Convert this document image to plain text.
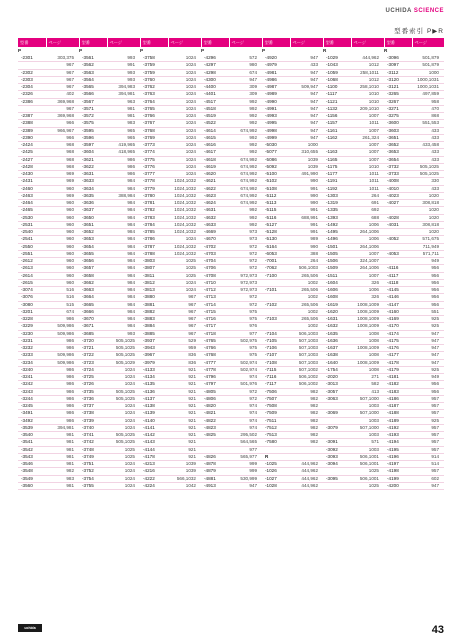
UCHIDA SCIENCE
型番索引 P▶R
型番	ページ	型番	ページ	型番	ページ	型番	ページ	型番	ページ	型番	ページ	型番	ページ
P		P		P		P		P		R		R	
-2301	303,375	-3561	993	-3758	1024	-4296	572	-4920	947	-1029	444,962	-3096	501,879
	967	-3562	991	-3759	1024	-4297	980	-4979	433	-1043	1012	-3097	501,879
-2302	967	-3563	993	-3759	1024	-4298	674	-4981	947	-1059	258,1011	-3112	1000
-2303	967	-3564	993	-3760	1024	-4300	947	-4986	947	-1068	1012	-3120	1000,1031
-2304	967	-3565	394,983	-3762	1024	-4400	309	-4987	509,947	-1100	258,1010	-3121	1000,1031
-2326	402	-3566	394,981	-3763	1024	-4401	309	-4989	947	-1117	1010	-3265	497,859
-2386	369,968	-3567	963	-3764	1024	-4517	992	-4990	947	-1121	1010	-3267	958
	967	-3571	981	-3765	1024	-4518	992	-4991	947	-1132	209,1010	-3271	470
-2387	369,968	-3572	981	-3766	1024	-4519	992	-4993	947	-1156	1007	-3275	868
-2388	966	-3575	983	-3767	1024	-4522	992	-4995	947	-1157	1011	-3600	551,553
-2389	966,967	-3595	965	-3768	1024	-4614	674,992	-4998	947	-1161	1007	-3603	433
-2390	966	-3596	965	-3769	1024	-4615	992	-4999	947	-1162	261,324	-3651	433
-2424	968	-3597	419,965	-3773	1024	-4616	992	-5030	1000		1007	-3652	433,458
-2425	968	-3604	418,965	-3774	1024	-4617	992	-5077	310,655	-1163	1007	-3653	433
-2427	968	-3621	986	-3775	1024	-4618	674,992	-5086	1039	-1165	1007	-3654	433
-2428	968	-3622	986	-3776	1024	-4619	674,992	-5092	1039	-1175	1010	-3732	505,1025
-2430	969	-3631	986	-3777	1024	-4620	674,992	-5100	491,990	-1177	1011	-3733	505,1025
-2431	969	-3633	984	-3778	1024,1032	-4621	674,992	-5102	990	-1191	1011	-4008	330
-2460	960	-3634	984	-3779	1024,1032	-4622	674,992	-5108	991	-1192	1011	-4010	433
-2463	969	-3635	388,984	-3780	1024,1032	-4623	674,992	-5112	990	-1303	264	-4023	1020
-2464	960	-3636	984	-3781	1024,1032	-4624	674,992	-5113	990	-1319	691	-4027	308,818
-2465	960	-3637	984	-3782	1024,1032	-4631	992	-5115	991	-1335	692		1020
-2530	960	-3650	984	-3783	1024,1032	-4632	992	-5116	688,991	-1393	688	-4028	1020
-2531	960	-3651	984	-3784	1024,1032	-4633	992	-5127	991	-1492	1006	-4031	308,818
-2540	960	-3652	984	-3785	1024,1032	-4669	973	-5128	991	-1495	264,1006		1020
-2541	960	-3653	984	-3786	1024	-4670	973	-5130	989	-1496	1006	-4052	571,675
-2550	960	-3654	984	-3787	1024,1032	-4702	972	-5164	990	-1501	264,1006		711,949
-2551	960	-3655	984	-3788	1024,1032	-4703	972	-6053	388	-1505	1007	-4053	571,711
-2612	960	-3656	984	-3803	1025	-4704	972	-7001	264	-1506	324,1007		949
-2613	960	-3657	984	-3807	1025	-4706	972	-7062	506,1003	-1509	264,1006	-4116	956
-2614	960	-3658	984	-3811	1025	-4708	972,973	-7100	265,506	-1511	1007	-4117	956
-2615	960	-3662	984	-3812	1024	-4710	972,973		1002	-1604	326	-4118	956
-3074	516	-3663	984	-3813	1024	-4712	972,973	-7101	265,506	-1606	1006	-4145	956
-3076	516	-3664	984	-3880	967	-4713	972		1002	-1608	326	-4146	956
-3080	515	-3665	984	-3881	967	-4714	972	-7102	265,506	-1619	1008,1009	-4147	956
-3201	674	-3666	984	-3882	967	-4715	975		1002	-1620	1008,1009	-4160	551
-3228	986	-3670	984	-3883	967	-4716	975	-7103	265,506	-1631	1008,1009	-4169	925
-3229	509,986	-3671	984	-3884	967	-4717	976		1002	-1632	1008,1009	-4170	925
-3230	509,986	-3685	993	-3885	967	-4718	977	-7104	506,1003	-1635	1008	-4174	947
-3231	986	-3720	505,1025	-3937	529	-4765	502,975	-7105	507,1003	-1636	1008	-4175	947
-3232	986	-3721	505,1025	-3943	959	-4766	975	-7106	507,1003	-1637	1008,1009	-4176	947
-3233	509,986	-3722	505,1025	-3967	836	-4768	975	-7107	507,1003	-1638	1008	-4177	947
-3234	509,986	-3723	505,1029	-3979	836	-4777	502,974	-7108	507,1003	-1640	1008,1009	-4178	947
-3240	986	-3724	1024	-4133	921	-4778	502,974	-7115	507,1002	-1754	1008	-4179	925
-3241	986	-3725	1024	-4134	921	-4796	974	-7116	506,1002	-2020	271	-4181	949
-3242	986	-3726	1024	-4135	921	-4797	501,976	-7117	506,1002	-3013	582	-4182	956
-3243	986	-3735	505,1025	-4136	921	-4805	972	-7506	982	-3057	413	-4183	956
-3244	986	-3736	505,1025	-4137	921	-4806	972	-7507	982	-3063	507,1000	-4186	957
-3245	986	-3737	1024	-4138	921	-4820	974	-7508	982		1003	-4187	957
-3491	986	-3738	1024	-4139	921	-4821	974	-7509	982	-3069	507,1000	-4188	957
-3492	986	-3739	1024	-4140	921	-4822	974	-7511	982		1003	-4189	925
-3539	394,981	-3740	1024	-4141	921	-4823	974	-7512	982	-3079	507,1000	-4192	957
-3540	981	-3741	505,1025	-4142	921	-4825	295,502	-7513	982		1003	-4193	957
-3541	981	-3742	505,1025	-4143	921		564,565	-7580	982	-3091	571	-4194	957
-3542	981	-3748	1025	-4144	921		977			-3092	1003	-4195	957
-3543	981	-3749	1025	-4178	921	-4826	565,977	R		-3093	506,1001	-4196	914
-3546	981	-3751	1024	-4213	1039	-4878	999	-1025	444,962	-3094	506,1001	-4197	514
-3548	982	-3752	1024	-4216	1039	-4879	999	-1026	444,962		1025	-4198	957
-3549	983	-3754	1024	-4222	566,1032	-4881	530,999	-1027	444,962	-3095	506,1001	-4199	602
-3560	981	-3755	1024	-4224	1042	-4913	947	-1028	444,962		1025	-4200	947
uchida	43
